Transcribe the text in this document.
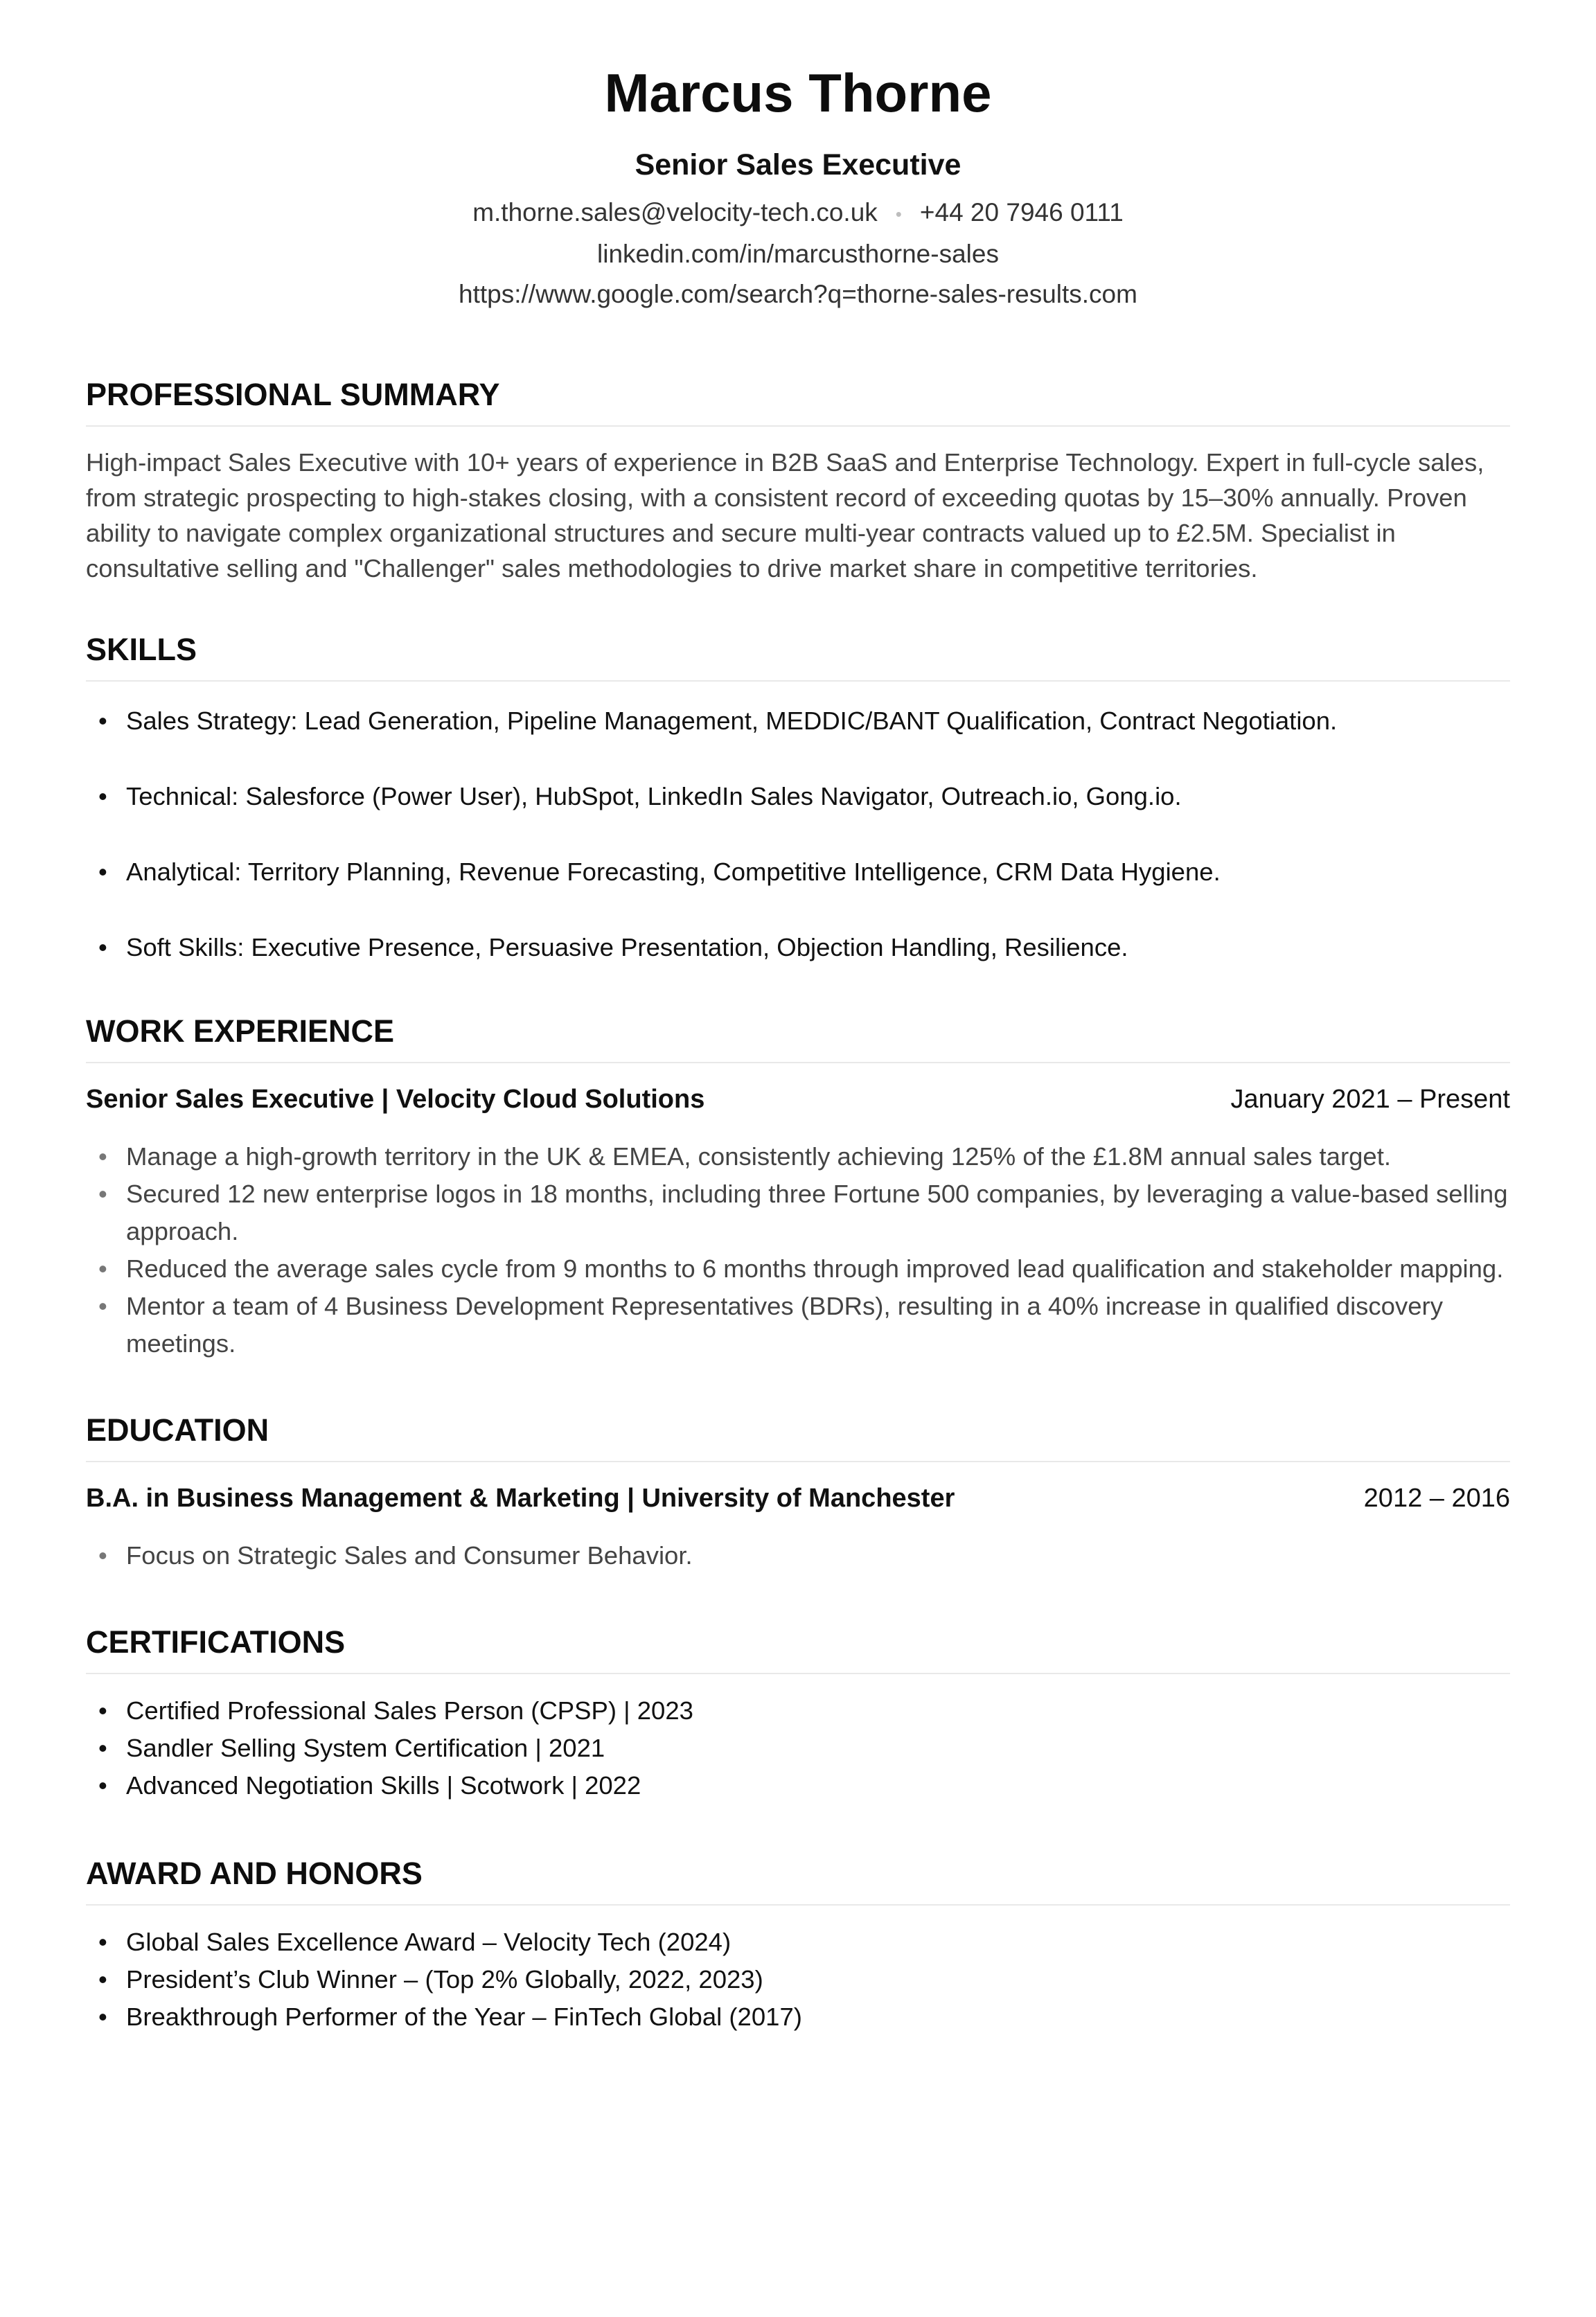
Marcus Thorne
Senior Sales Executive
m.thorne.sales@velocity-tech.co.uk • +44 20 7946 0111
linkedin.com/in/marcusthorne-sales
https://www.google.com/search?q=thorne-sales-results.com
PROFESSIONAL SUMMARY

High-impact Sales Executive with 10+ years of experience in B2B SaaS and Enterprise Technology. Expert in full-cycle sales, from strategic prospecting to high-stakes closing, with a consistent record of exceeding quotas by 15–30% annually. Proven ability to navigate complex organizational structures and secure multi-year contracts valued up to £2.5M. Specialist in consultative selling and "Challenger" sales methodologies to drive market share in competitive territories.

SKILLS
• Sales Strategy: Lead Generation, Pipeline Management, MEDDIC/BANT Qualification, Contract Negotiation.
• Technical: Salesforce (Power User), HubSpot, LinkedIn Sales Navigator, Outreach.io, Gong.io.
• Analytical: Territory Planning, Revenue Forecasting, Competitive Intelligence, CRM Data Hygiene.
• Soft Skills: Executive Presence, Persuasive Presentation, Objection Handling, Resilience.
WORK EXPERIENCE
Senior Sales Executive | Velocity Cloud Solutions	January 2021 – Present
• Manage a high-growth territory in the UK & EMEA, consistently achieving 125% of the £1.8M annual sales target.
• Secured 12 new enterprise logos in 18 months, including three Fortune 500 companies, by leveraging a value-based selling approach.
• Reduced the average sales cycle from 9 months to 6 months through improved lead qualification and stakeholder mapping.
• Mentor a team of 4 Business Development Representatives (BDRs), resulting in a 40% increase in qualified discovery meetings.
EDUCATION
B.A. in Business Management & Marketing | University of Manchester	2012 – 2016
• Focus on Strategic Sales and Consumer Behavior.
CERTIFICATIONS
• Certified Professional Sales Person (CPSP) | 2023
• Sandler Selling System Certification | 2021
• Advanced Negotiation Skills | Scotwork | 2022
AWARD AND HONORS
• Global Sales Excellence Award – Velocity Tech (2024)
• President’s Club Winner – (Top 2% Globally, 2022, 2023)
• Breakthrough Performer of the Year – FinTech Global (2017)
